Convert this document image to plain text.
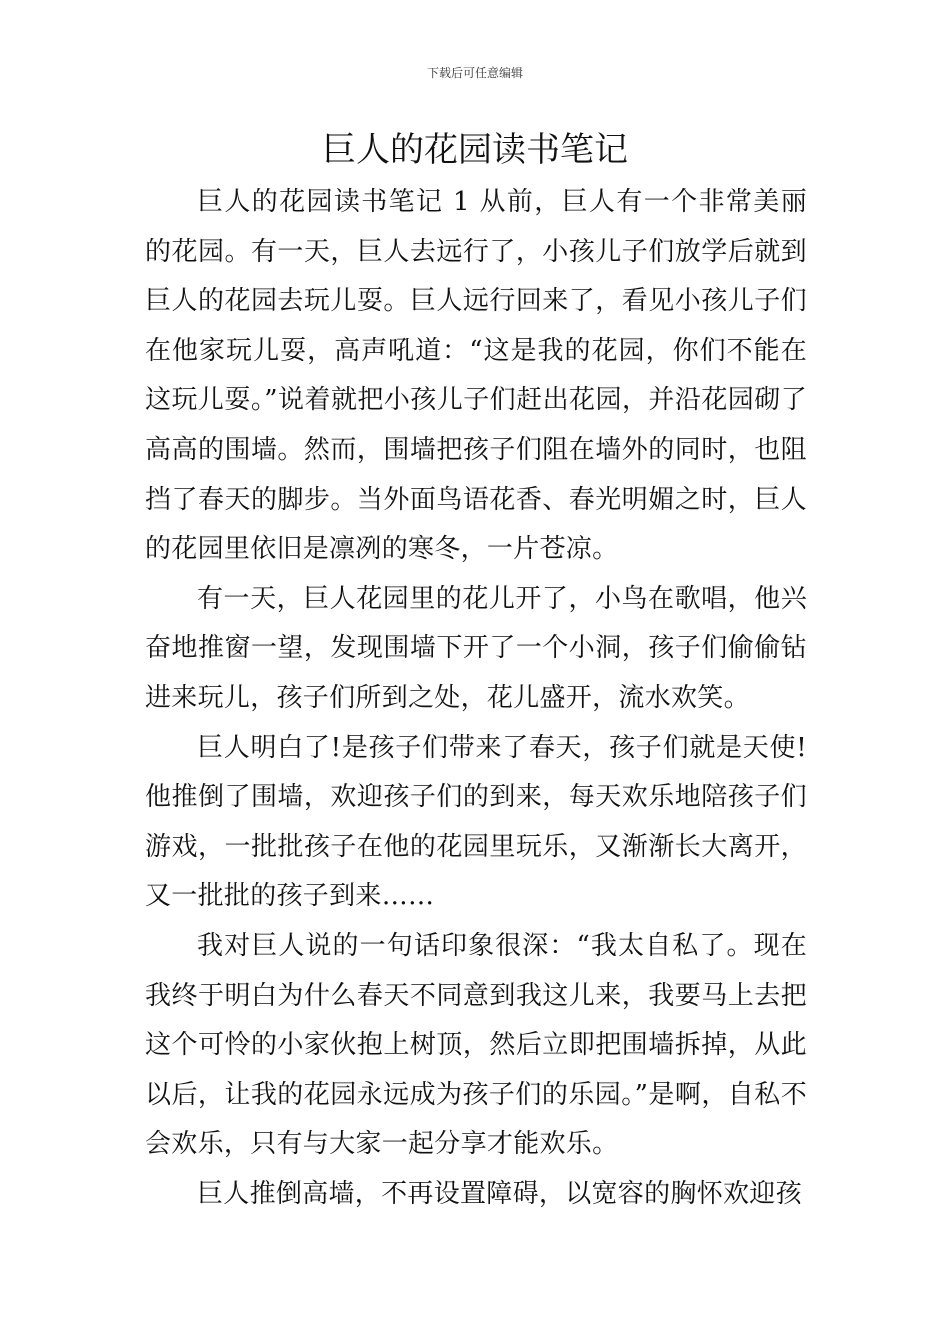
下载后可任意编辑
巨人的花园读书笔记

巨人的花园读书笔记 1 从前，巨人有一个非常美丽的花园。有一天，巨人去远行了，小孩儿子们放学后就到巨人的花园去玩儿耍。巨人远行回来了，看见小孩儿子们在他家玩儿耍，高声吼道：“这是我的花园，你们不能在这玩儿耍。”说着就把小孩儿子们赶出花园，并沿花园砌了高高的围墙。然而，围墙把孩子们阻在墙外的同时，也阻挡了春天的脚步。当外面鸟语花香、春光明媚之时，巨人的花园里依旧是凛冽的寒冬，一片苍凉。

有一天，巨人花园里的花儿开了，小鸟在歌唱，他兴奋地推窗一望，发现围墙下开了一个小洞，孩子们偷偷钻进来玩儿，孩子们所到之处，花儿盛开，流水欢笑。

巨人明白了!是孩子们带来了春天，孩子们就是天使!他推倒了围墙，欢迎孩子们的到来，每天欢乐地陪孩子们游戏，一批批孩子在他的花园里玩乐，又渐渐长大离开，又一批批的孩子到来……

我对巨人说的一句话印象很深：“我太自私了。现在我终于明白为什么春天不同意到我这儿来，我要马上去把这个可怜的小家伙抱上树顶，然后立即把围墙拆掉，从此以后，让我的花园永远成为孩子们的乐园。”是啊，自私不会欢乐，只有与大家一起分享才能欢乐。

巨人推倒高墙，不再设置障碍，以宽容的胸怀欢迎孩
